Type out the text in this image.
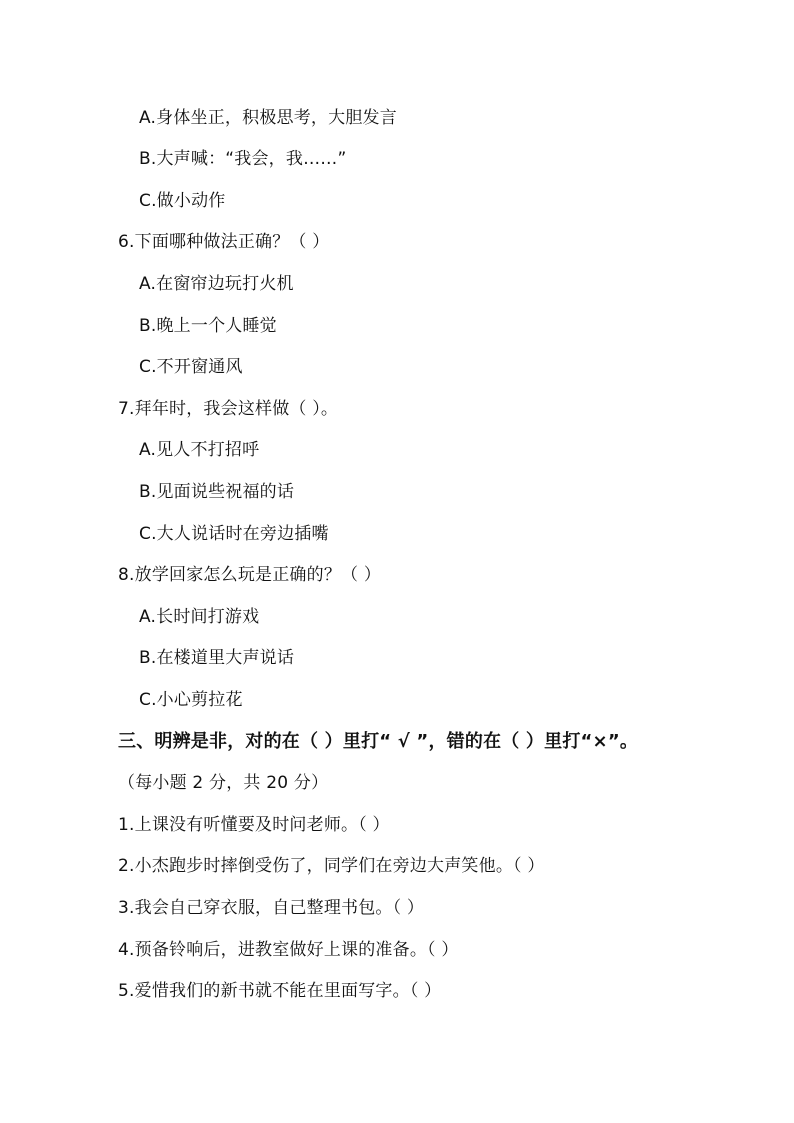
A.身体坐正，积极思考，大胆发言
B.大声喊：“我会，我……”
C.做小动作
6.下面哪种做法正确？（ ）
A.在窗帘边玩打火机
B.晚上一个人睡觉
C.不开窗通风
7.拜年时，我会这样做（ ）。
A.见人不打招呼
B.见面说些祝福的话
C.大人说话时在旁边插嘴
8.放学回家怎么玩是正确的？（ ）
A.长时间打游戏
B.在楼道里大声说话
C.小心剪拉花
三、明辨是非，对的在（ ）里打“ √ ”，错的在（ ）里打“×”。
（每小题 2 分，共 20 分）
1.上课没有听懂要及时问老师。（ ）
2.小杰跑步时摔倒受伤了，同学们在旁边大声笑他。（ ）
3.我会自己穿衣服，自己整理书包。（ ）
4.预备铃响后，进教室做好上课的准备。（ ）
5.爱惜我们的新书就不能在里面写字。（ ）
